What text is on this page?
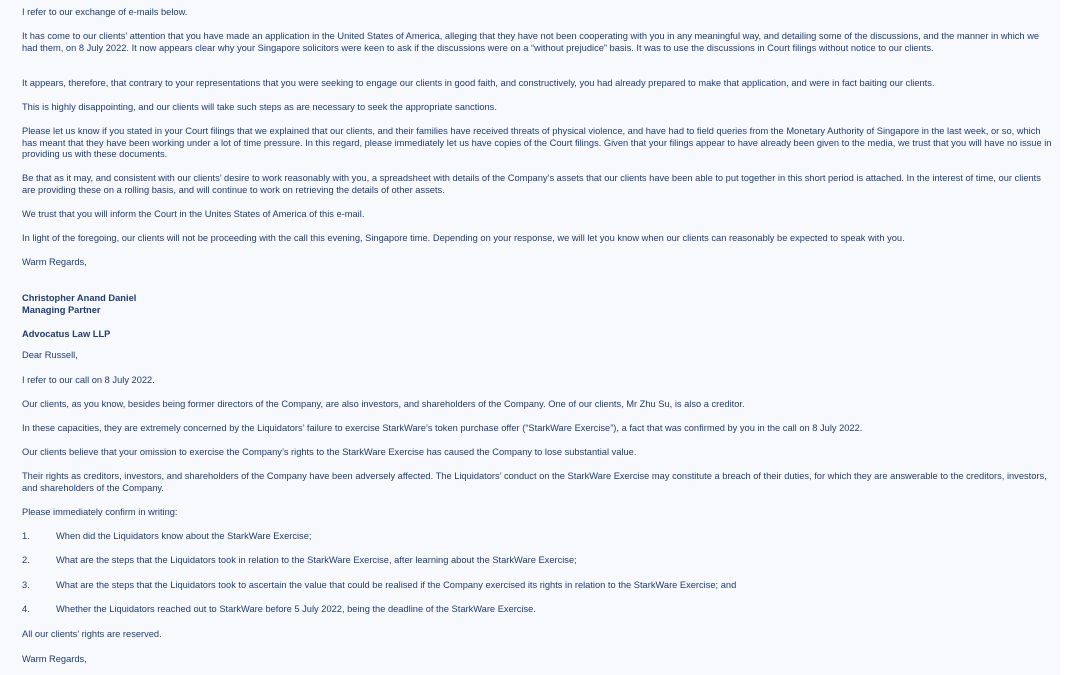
I refer to our exchange of e-mails below.

It has come to our clients’ attention that you have made an application in the United States of America, alleging that they have not been cooperating with you in any meaningful way, and detailing some of the discussions, and the manner in which we had them, on 8 July 2022. It now appears clear why your Singapore solicitors were keen to ask if the discussions were on a “without prejudice” basis. It was to use the discussions in Court filings without notice to our clients.

It appears, therefore, that contrary to your representations that you were seeking to engage our clients in good faith, and constructively, you had already prepared to make that application, and were in fact baiting our clients.

This is highly disappointing, and our clients will take such steps as are necessary to seek the appropriate sanctions.

Please let us know if you stated in your Court filings that we explained that our clients, and their families have received threats of physical violence, and have had to field queries from the Monetary Authority of Singapore in the last week, or so, which has meant that they have been working under a lot of time pressure. In this regard, please immediately let us have copies of the Court filings. Given that your filings appear to have already been given to the media, we trust that you will have no issue in providing us with these documents.

Be that as it may, and consistent with our clients’ desire to work reasonably with you, a spreadsheet with details of the Company’s assets that our clients have been able to put together in this short period is attached. In the interest of time, our clients are providing these on a rolling basis, and will continue to work on retrieving the details of other assets.

We trust that you will inform the Court in the Unites States of America of this e-mail.

In light of the foregoing, our clients will not be proceeding with the call this evening, Singapore time. Depending on your response, we will let you know when our clients can reasonably be expected to speak with you.

Warm Regards,

Christopher Anand Daniel

Managing Partner

Advocatus Law LLP

Dear Russell,

I refer to our call on 8 July 2022.

Our clients, as you know, besides being former directors of the Company, are also investors, and shareholders of the Company. One of our clients, Mr Zhu Su, is also a creditor.

In these capacities, they are extremely concerned by the Liquidators’ failure to exercise StarkWare’s token purchase offer (“StarkWare Exercise”), a fact that was confirmed by you in the call on 8 July 2022.

Our clients believe that your omission to exercise the Company’s rights to the StarkWare Exercise has caused the Company to lose substantial value.

Their rights as creditors, investors, and shareholders of the Company have been adversely affected. The Liquidators’ conduct on the StarkWare Exercise may constitute a breach of their duties, for which they are answerable to the creditors, investors, and shareholders of the Company.

Please immediately confirm in writing:

1.	When did the Liquidators know about the StarkWare Exercise;
2.	What are the steps that the Liquidators took in relation to the StarkWare Exercise, after learning about the StarkWare Exercise;
3.	What are the steps that the Liquidators took to ascertain the value that could be realised if the Company exercised its rights in relation to the StarkWare Exercise; and
4.	Whether the Liquidators reached out to StarkWare before 5 July 2022, being the deadline of the StarkWare Exercise.

All our clients’ rights are reserved.

Warm Regards,
